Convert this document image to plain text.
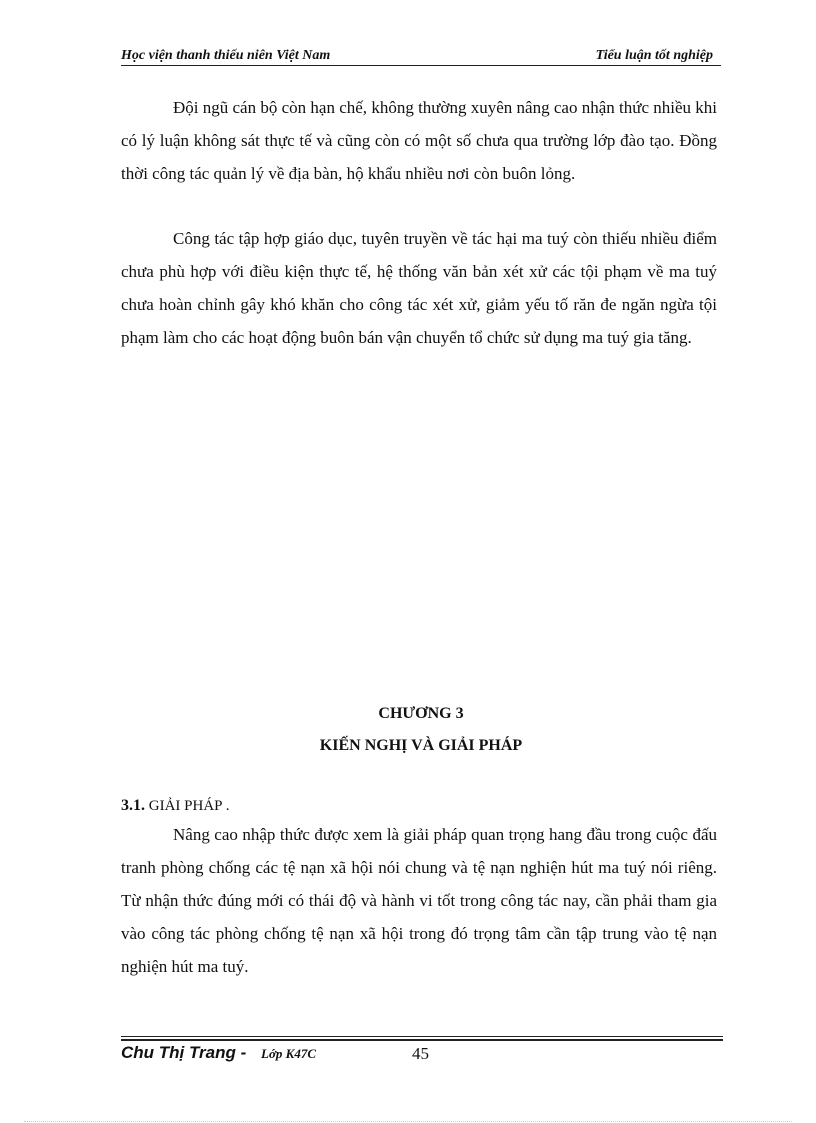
Học viện thanh thiếu niên Việt Nam	Tiểu luận tốt nghiệp

Đội ngũ cán bộ còn hạn chế, không thường xuyên nâng cao nhận thức nhiều khi có lý luận không sát thực tế và cũng còn có một số chưa qua trường lớp đào tạo. Đồng thời công tác quản lý về địa bàn, hộ khẩu nhiều nơi còn buôn lỏng.

Công tác tập hợp giáo dục, tuyên truyền về tác hại ma tuý còn thiếu nhiều điểm chưa phù hợp với điều kiện thực tế, hệ thống văn bản xét xử các tội phạm về ma tuý chưa hoàn chỉnh gây khó khăn cho công tác xét xử, giảm yếu tố răn đe ngăn ngừa tội phạm làm cho các hoạt động buôn bán vận chuyển tổ chức sử dụng ma tuý gia tăng.

CHƯƠNG 3
KIẾN NGHỊ VÀ GIẢI PHÁP
3.1. GIẢI PHÁP .

Nâng cao nhập thức được xem là giải pháp quan trọng hang đầu trong cuộc đấu tranh phòng chống các tệ nạn xã hội nói chung và tệ nạn nghiện hút ma tuý nói riêng. Từ nhận thức đúng mới có thái độ và hành vi tốt trong công tác nay, cần phải tham gia vào công tác phòng chống tệ nạn xã hội trong đó trọng tâm cần tập trung vào tệ nạn nghiện hút ma tuý.

Chu Thị Trang - Lớp K47C	45
